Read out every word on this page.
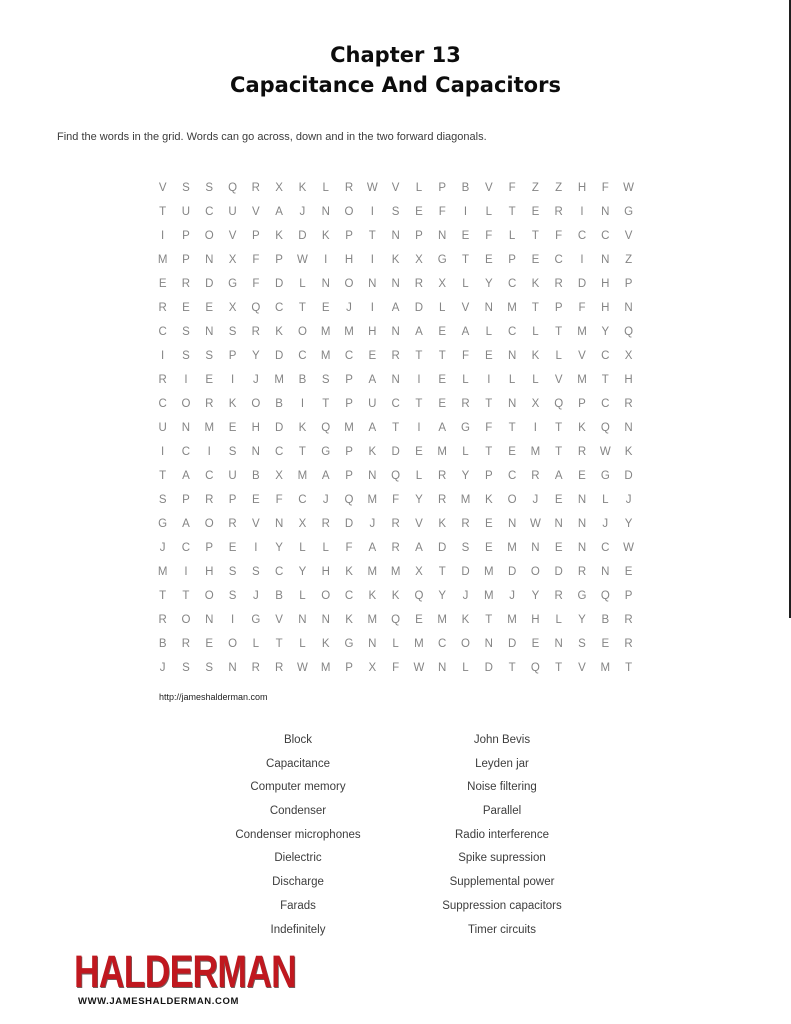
Chapter 13
Capacitance And Capacitors
Find the words in the grid. Words can go across, down and in the two forward diagonals.
V	S	S	Q	R	X	K	L	R	W	V	L	P	B	V	F	Z	Z	H	F	W
T	U	C	U	V	A	J	N	O	I	S	E	F	I	L	T	E	R	I	N	G
I	P	O	V	P	K	D	K	P	T	N	P	N	E	F	L	T	F	C	C	V
M	P	N	X	F	P	W	I	H	I	K	X	G	T	E	P	E	C	I	N	Z
E	R	D	G	F	D	L	N	O	N	N	R	X	L	Y	C	K	R	D	H	P
R	E	E	X	Q	C	T	E	J	I	A	D	L	V	N	M	T	P	F	H	N
C	S	N	S	R	K	O	M	M	H	N	A	E	A	L	C	L	T	M	Y	Q
I	S	S	P	Y	D	C	M	C	E	R	T	T	F	E	N	K	L	V	C	X
R	I	E	I	J	M	B	S	P	A	N	I	E	L	I	L	L	V	M	T	H
C	O	R	K	O	B	I	T	P	U	C	T	E	R	T	N	X	Q	P	C	R
U	N	M	E	H	D	K	Q	M	A	T	I	A	G	F	T	I	T	K	Q	N
I	C	I	S	N	C	T	G	P	K	D	E	M	L	T	E	M	T	R	W	K
T	A	C	U	B	X	M	A	P	N	Q	L	R	Y	P	C	R	A	E	G	D
S	P	R	P	E	F	C	J	Q	M	F	Y	R	M	K	O	J	E	N	L	J
G	A	O	R	V	N	X	R	D	J	R	V	K	R	E	N	W	N	N	J	Y
J	C	P	E	I	Y	L	L	F	A	R	A	D	S	E	M	N	E	N	C	W
M	I	H	S	S	C	Y	H	K	M	M	X	T	D	M	D	O	D	R	N	E
T	T	O	S	J	B	L	O	C	K	K	Q	Y	J	M	J	Y	R	G	Q	P
R	O	N	I	G	V	N	N	K	M	Q	E	M	K	T	M	H	L	Y	B	R
B	R	E	O	L	T	L	K	G	N	L	M	C	O	N	D	E	N	S	E	R
J	S	S	N	R	R	W	M	P	X	F	W	N	L	D	T	Q	T	V	M	T
http://jameshalderman.com
Block
Capacitance
Computer memory
Condenser
Condenser microphones
Dielectric
Discharge
Farads
Indefinitely
John Bevis
Leyden jar
Noise filtering
Parallel
Radio interference
Spike supression
Supplemental power
Suppression capacitors
Timer circuits
HALDERMAN
WWW.JAMESHALDERMAN.COM
